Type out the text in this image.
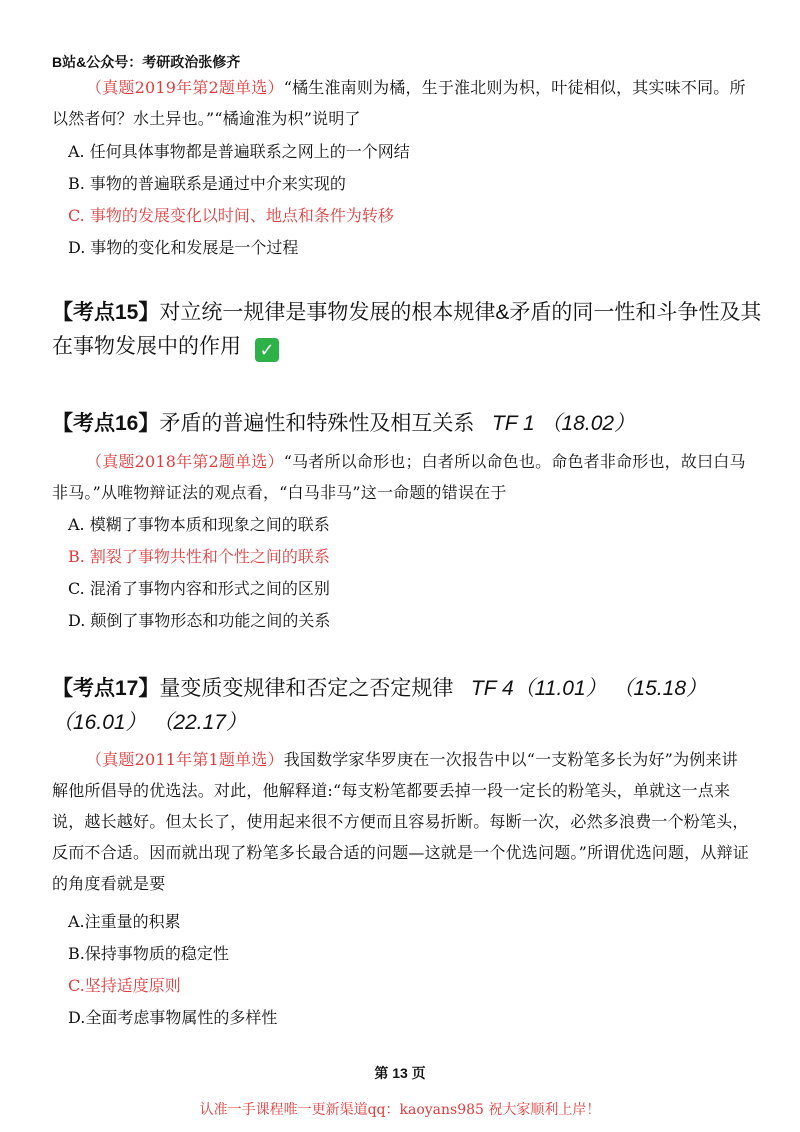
B站&公众号：考研政治张修齐
（真题2019年第2题单选）“橘生淮南则为橘，生于淮北则为枳，叶徒相似，其实味不同。所以然者何？水土异也。”“橘逾淮为枳”说明了
A. 任何具体事物都是普遍联系之网上的一个网结
B. 事物的普遍联系是通过中介来实现的
C. 事物的发展变化以时间、地点和条件为转移
D. 事物的变化和发展是一个过程
【考点15】对立统一规律是事物发展的根本规律&矛盾的同一性和斗争性及其在事物发展中的作用 ✓
【考点16】矛盾的普遍性和特殊性及相互关系 TF 1 （18.02）
（真题2018年第2题单选）“马者所以命形也；白者所以命色也。命色者非命形也，故曰白马非马。”从唯物辩证法的观点看，“白马非马”这一命题的错误在于
A. 模糊了事物本质和现象之间的联系
B. 割裂了事物共性和个性之间的联系
C. 混淆了事物内容和形式之间的区别
D. 颠倒了事物形态和功能之间的关系
【考点17】量变质变规律和否定之否定规律 TF 4（11.01） （15.18） （16.01） （22.17）
（真题2011年第1题单选）我国数学家华罗庚在一次报告中以“一支粉笔多长为好”为例来讲解他所倡导的优选法。对此，他解释道:“每支粉笔都要丢掉一段一定长的粉笔头，单就这一点来说，越长越好。但太长了，使用起来很不方便而且容易折断。每断一次，必然多浪费一个粉笔头，反而不合适。因而就出现了粉笔多长最合适的问题—这就是一个优选问题。”所谓优选问题，从辩证的角度看就是要
A.注重量的积累
B.保持事物质的稳定性
C.坚持适度原则
D.全面考虑事物属性的多样性
第 13 页
认准一手课程唯一更新渠道qq：kaoyans985 祝大家顺利上岸！
